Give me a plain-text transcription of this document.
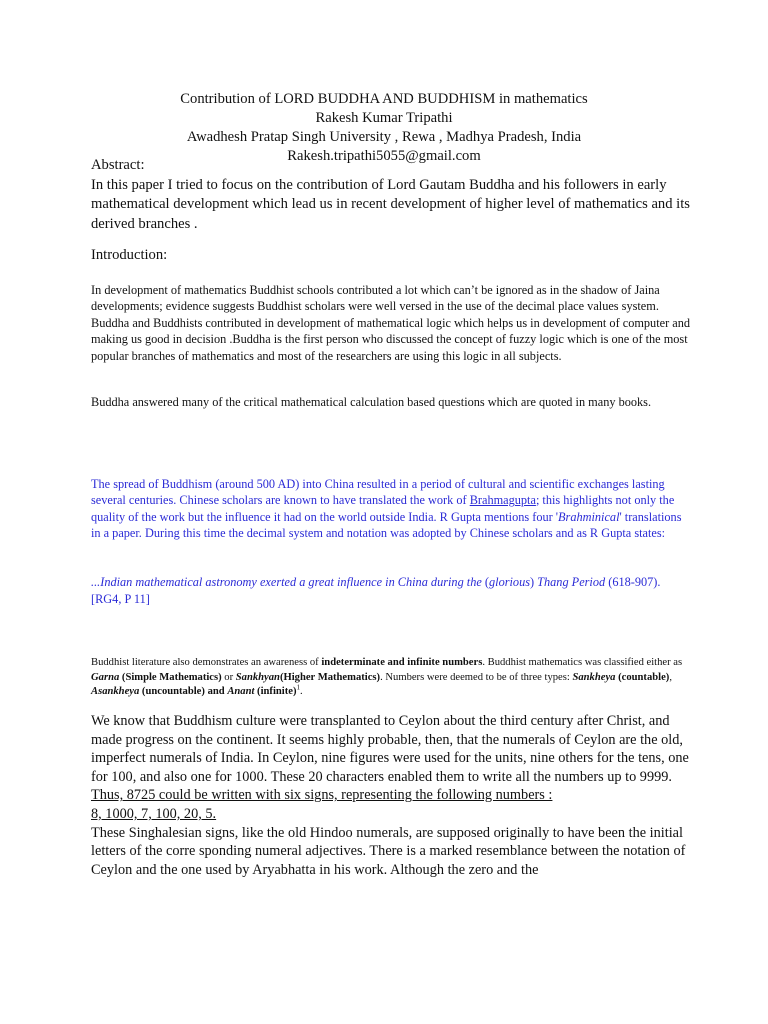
Contribution of LORD BUDDHA AND BUDDHISM in mathematics
Rakesh Kumar Tripathi
Awadhesh Pratap Singh University , Rewa , Madhya Pradesh, India
Rakesh.tripathi5055@gmail.com
Abstract:
In this paper I tried to focus on the contribution of Lord Gautam Buddha and his followers in early mathematical development which lead us in recent development of higher level of mathematics and its derived branches .
Introduction:
In development of mathematics Buddhist schools contributed a lot which can’t be ignored as in the shadow of Jaina developments; evidence suggests Buddhist scholars were well versed in the use of the decimal place values system. Buddha and Buddhists contributed in development of mathematical logic which helps us in development of computer and making us good in decision .Buddha is the first person who discussed the concept of fuzzy logic which is one of the most popular branches of mathematics and most of the researchers are using this logic in all subjects.
Buddha answered many of the critical mathematical calculation based questions which are quoted in many books.
The spread of Buddhism (around 500 AD) into China resulted in a period of cultural and scientific exchanges lasting several centuries. Chinese scholars are known to have translated the work of Brahmagupta; this highlights not only the quality of the work but the influence it had on the world outside India. R Gupta mentions four 'Brahminical' translations in a paper. During this time the decimal system and notation was adopted by Chinese scholars and as R Gupta states:
...Indian mathematical astronomy exerted a great influence in China during the (glorious) Thang Period (618-907). [RG4, P 11]
Buddhist literature also demonstrates an awareness of indeterminate and infinite numbers. Buddhist mathematics was classified either as Garna (Simple Mathematics) or Sankhyan(Higher Mathematics). Numbers were deemed to be of three types: Sankheya (countable), Asankheya (uncountable) and Anant (infinite)$^1$.
We know that Buddhism culture were transplanted to Ceylon about the third century after Christ, and made progress on the continent. It seems highly probable, then, that the numerals of Ceylon are the old, imperfect numerals of India. In Ceylon, nine figures were used for the units, nine others for the tens, one for 100, and also one for 1000. These 20 characters enabled them to write all the numbers up to 9999.
Thus, 8725 could be written with six signs, representing the following numbers :
8, 1000, 7, 100, 20, 5.
These Singhalesian signs, like the old Hindoo numerals, are supposed originally to have been the initial letters of the corre sponding numeral adjectives. There is a marked resemblance between the notation of Ceylon and the one used by Aryabhatta in his work. Although the zero and the
